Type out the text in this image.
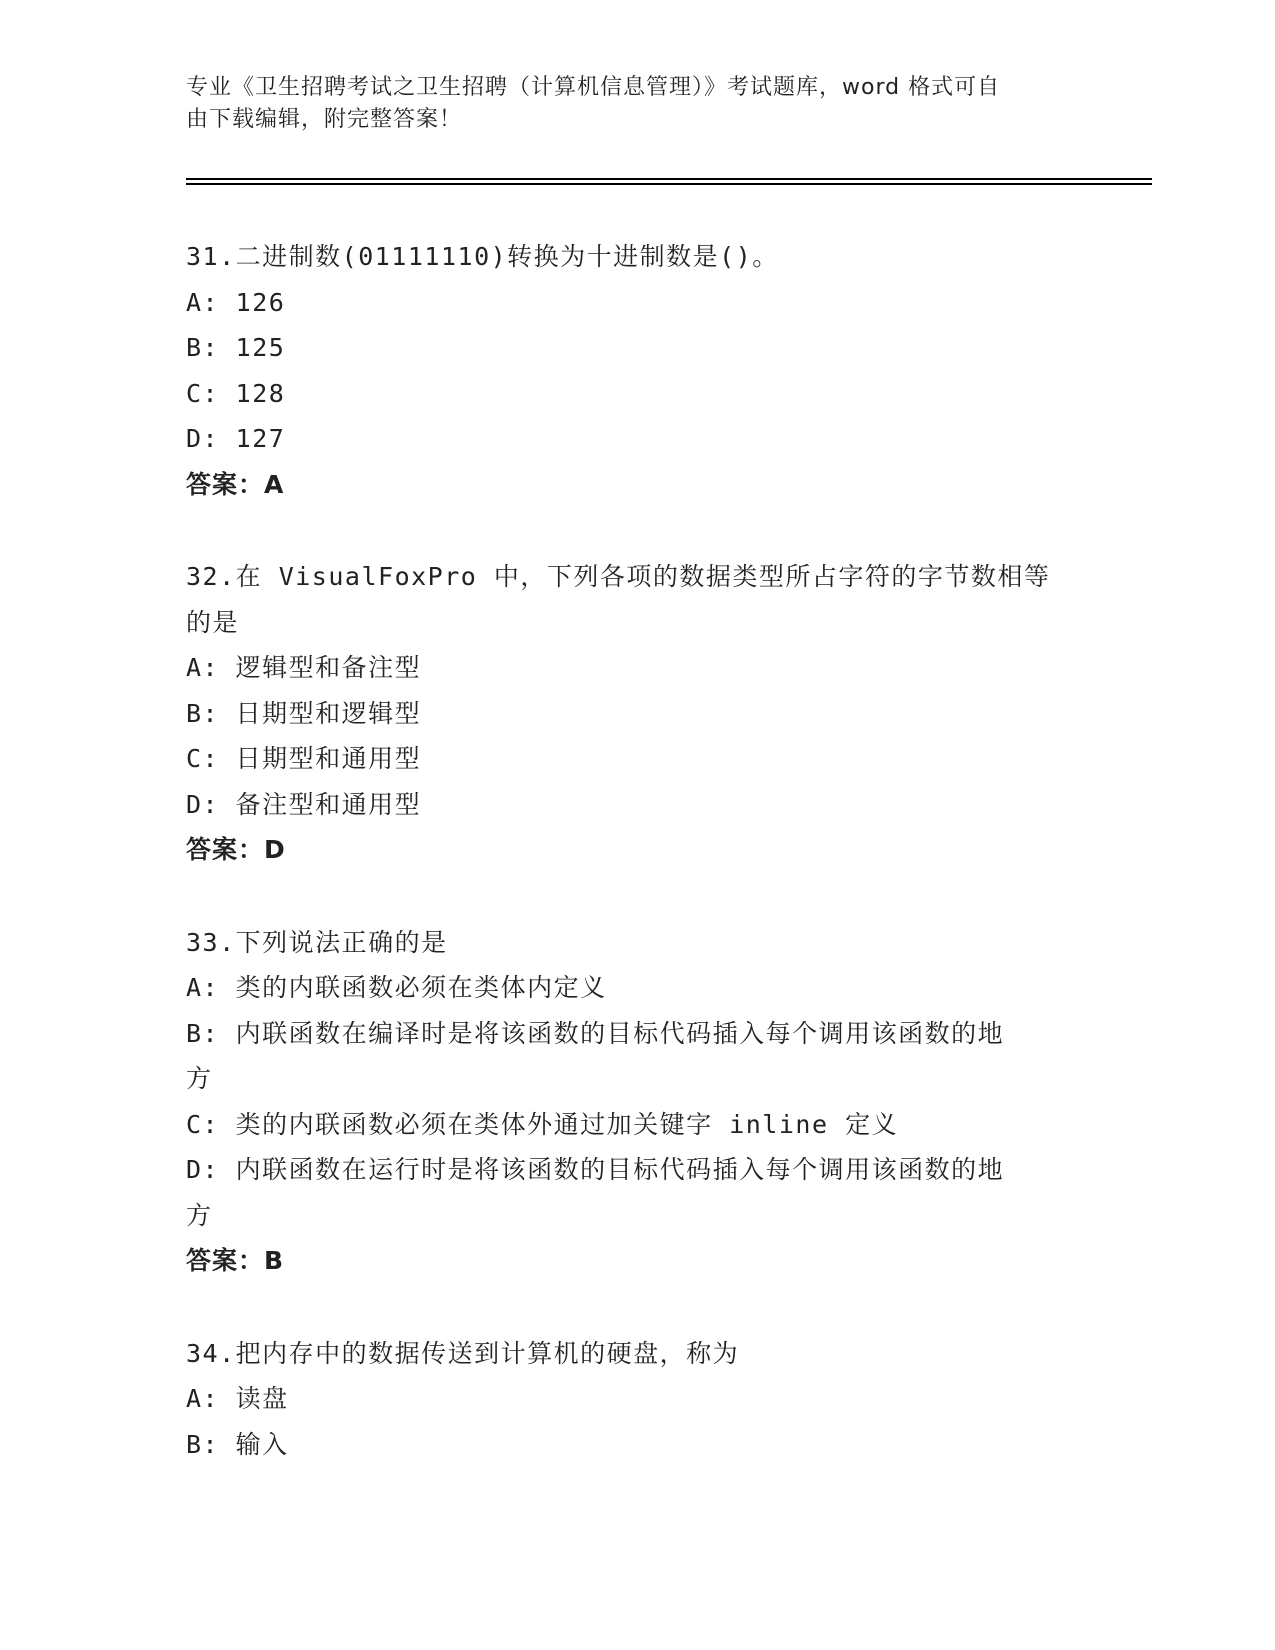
专业《卫生招聘考试之卫生招聘（计算机信息管理）》考试题库，word 格式可自
由下载编辑，附完整答案！
31.二进制数(01111110)转换为十进制数是()。
A: 126
B: 125
C: 128
D: 127
答案：A
32.在 VisualFoxPro 中，下列各项的数据类型所占字符的字节数相等
的是
A: 逻辑型和备注型
B: 日期型和逻辑型
C: 日期型和通用型
D: 备注型和通用型
答案：D
33.下列说法正确的是
A: 类的内联函数必须在类体内定义
B: 内联函数在编译时是将该函数的目标代码插入每个调用该函数的地
方
C: 类的内联函数必须在类体外通过加关键字 inline 定义
D: 内联函数在运行时是将该函数的目标代码插入每个调用该函数的地
方
答案：B
34.把内存中的数据传送到计算机的硬盘，称为
A: 读盘
B: 输入
